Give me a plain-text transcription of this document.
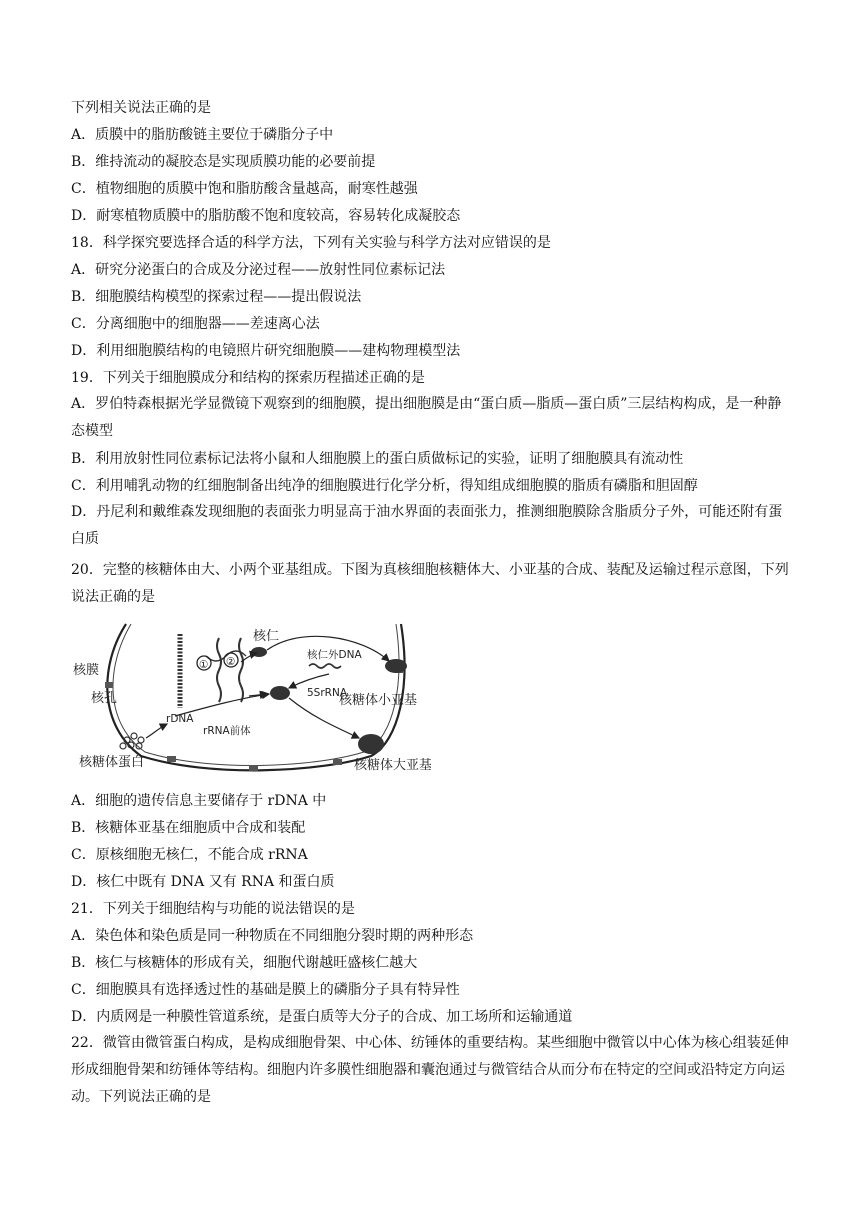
下列相关说法正确的是
A．质膜中的脂肪酸链主要位于磷脂分子中
B．维持流动的凝胶态是实现质膜功能的必要前提
C．植物细胞的质膜中饱和脂肪酸含量越高，耐寒性越强
D．耐寒植物质膜中的脂肪酸不饱和度较高，容易转化成凝胶态
18．科学探究要选择合适的科学方法，下列有关实验与科学方法对应错误的是
A．研究分泌蛋白的合成及分泌过程——放射性同位素标记法
B．细胞膜结构模型的探索过程——提出假说法
C．分离细胞中的细胞器——差速离心法
D．利用细胞膜结构的电镜照片研究细胞膜——建构物理模型法
19．下列关于细胞膜成分和结构的探索历程描述正确的是
A．罗伯特森根据光学显微镜下观察到的细胞膜，提出细胞膜是由“蛋白质—脂质—蛋白质”三层结构构成，是一种静态模型
B．利用放射性同位素标记法将小鼠和人细胞膜上的蛋白质做标记的实验，证明了细胞膜具有流动性
C．利用哺乳动物的红细胞制备出纯净的细胞膜进行化学分析，得知组成细胞膜的脂质有磷脂和胆固醇
D．丹尼利和戴维森发现细胞的表面张力明显高于油水界面的表面张力，推测细胞膜除含脂质分子外，可能还附有蛋白质
20．完整的核糖体由大、小两个亚基组成。下图为真核细胞核糖体大、小亚基的合成、装配及运输过程示意图，下列说法正确的是
① ②
核仁
核膜
核孔
rDNA
rRNA前体
核仁外DNA
5SrRNA
核糖体小亚基
核糖体大亚基
核糖体蛋白
A．细胞的遗传信息主要储存于 rDNA 中
B．核糖体亚基在细胞质中合成和装配
C．原核细胞无核仁，不能合成 rRNA
D．核仁中既有 DNA 又有 RNA 和蛋白质
21．下列关于细胞结构与功能的说法错误的是
A．染色体和染色质是同一种物质在不同细胞分裂时期的两种形态
B．核仁与核糖体的形成有关，细胞代谢越旺盛核仁越大
C．细胞膜具有选择透过性的基础是膜上的磷脂分子具有特异性
D．内质网是一种膜性管道系统，是蛋白质等大分子的合成、加工场所和运输通道
22．微管由微管蛋白构成，是构成细胞骨架、中心体、纺锤体的重要结构。某些细胞中微管以中心体为核心组装延伸形成细胞骨架和纺锤体等结构。细胞内许多膜性细胞器和囊泡通过与微管结合从而分布在特定的空间或沿特定方向运动。下列说法正确的是
